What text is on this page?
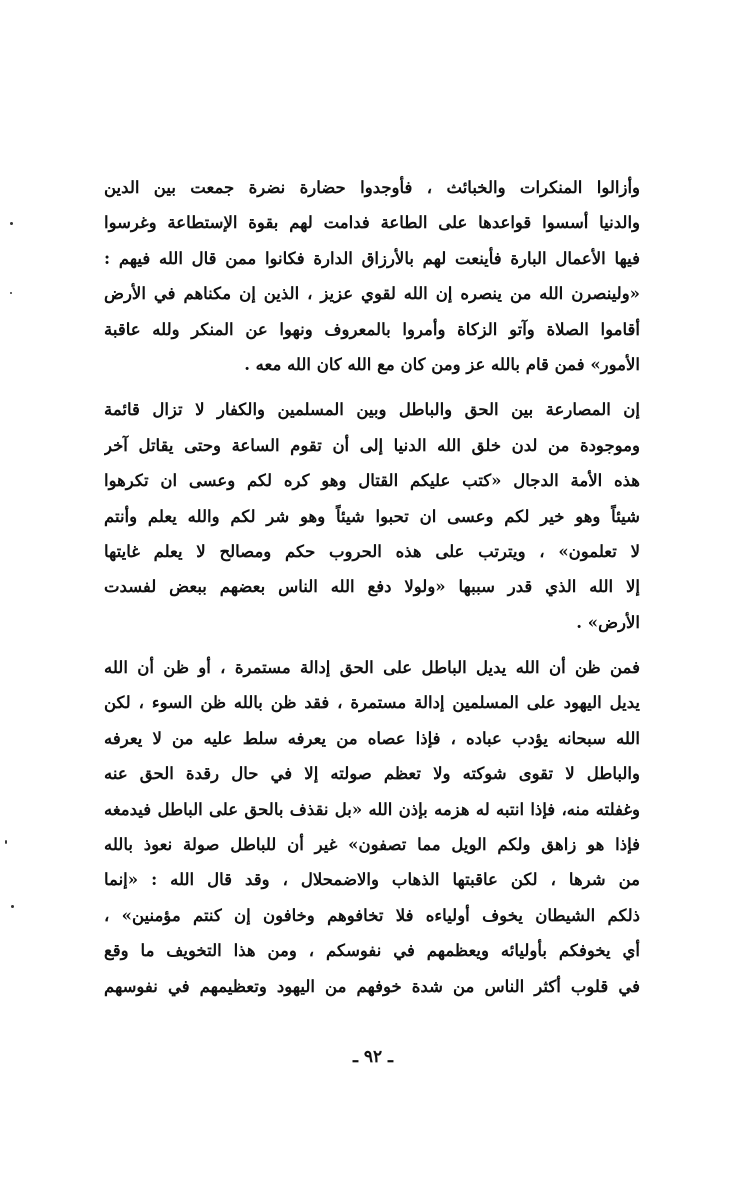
وأزالوا المنكرات والخبائث ، فأوجدوا حضارة نضرة جمعت بين الدين
والدنيا أسسوا قواعدها على الطاعة فدامت لهم بقوة الإستطاعة وغرسوا
فيها الأعمال البارة فأينعت لهم بالأرزاق الدارة فكانوا ممن قال الله فيهم :
«ولينصرن الله من ينصره إن الله لقوي عزيز ، الذين إن مكناهم في الأرض
أقاموا الصلاة وآتو الزكاة وأمروا بالمعروف ونهوا عن المنكر ولله عاقبة
الأمور» فمن قام بالله عز ومن كان مع الله كان الله معه .
إن المصارعة بين الحق والباطل وبين المسلمين والكفار لا تزال قائمة
وموجودة من لدن خلق الله الدنيا إلى أن تقوم الساعة وحتى يقاتل آخر
هذه الأمة الدجال «كتب عليكم القتال وهو كره لكم وعسى ان تكرهوا
شيئاً وهو خير لكم وعسى ان تحبوا شيئاً وهو شر لكم والله يعلم وأنتم
لا تعلمون» ، ويترتب على هذه الحروب حكم ومصالح لا يعلم غايتها
إلا الله الذي قدر سببها «ولولا دفع الله الناس بعضهم ببعض لفسدت
الأرض» .
فمن ظن أن الله يديل الباطل على الحق إدالة مستمرة ، أو ظن أن الله
يديل اليهود على المسلمين إدالة مستمرة ، فقد ظن بالله ظن السوء ، لكن
الله سبحانه يؤدب عباده ، فإذا عصاه من يعرفه سلط عليه من لا يعرفه
والباطل لا تقوى شوكته ولا تعظم صولته إلا في حال رقدة الحق عنه
وغفلته منه، فإذا انتبه له هزمه بإذن الله «بل نقذف بالحق على الباطل فيدمغه
فإذا هو زاهق ولكم الويل مما تصفون» غير أن للباطل صولة نعوذ بالله
من شرها ، لكن عاقبتها الذهاب والاضمحلال ، وقد قال الله : «إنما
ذلكم الشيطان يخوف أولياءه فلا تخافوهم وخافون إن كنتم مؤمنين» ،
أي يخوفكم بأوليائه ويعظمهم في نفوسكم ، ومن هذا التخويف ما وقع
في قلوب أكثر الناس من شدة خوفهم من اليهود وتعظيمهم في نفوسهم
ـ ٩٢ ـ
